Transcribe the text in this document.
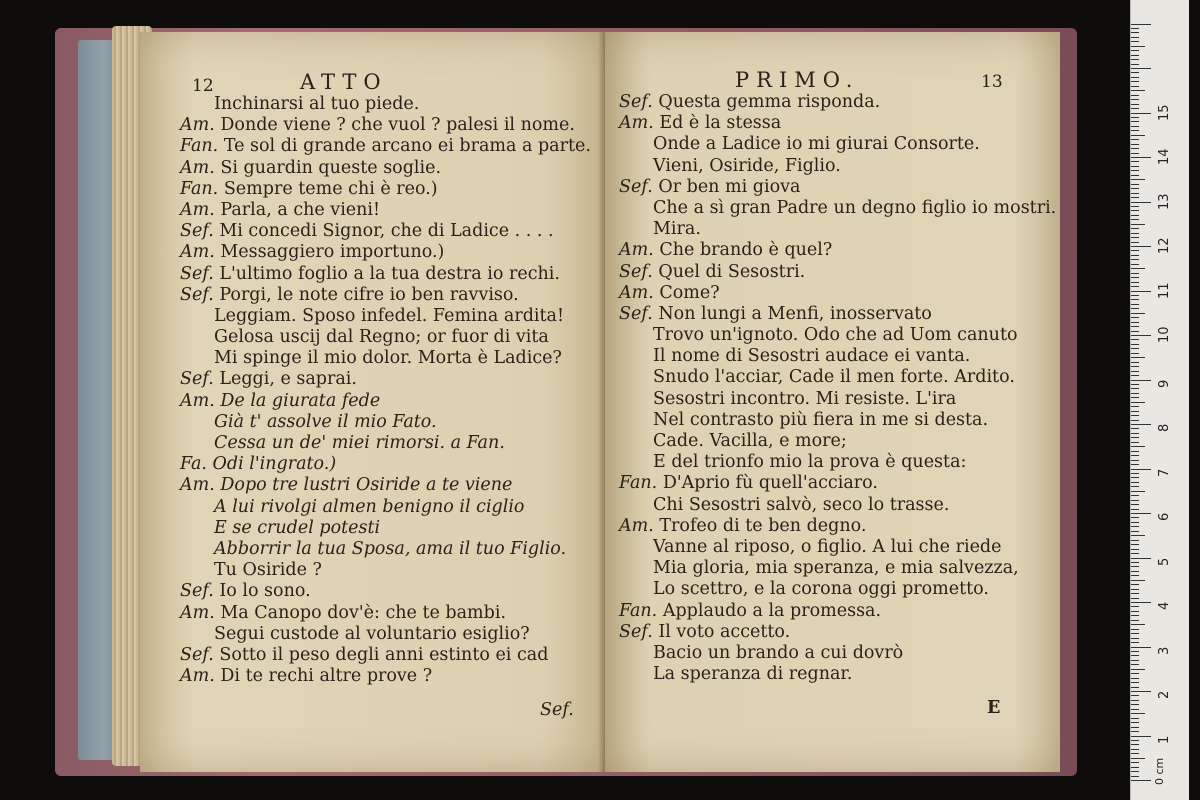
12	ATTO
Inchinarsi al tuo piede.
Am. Donde viene ? che vuol ? palesi il nome.
Fan. Te sol di grande arcano ei brama a parte.
Am. Si guardin queste soglie.
Fan. Sempre teme chi è reo.)
Am. Parla, a che vieni!
Sef. Mi concedi Signor, che di Ladice . . . .
Am. Messaggiero importuno.)
Sef. L'ultimo foglio a la tua destra io rechi.
Sef. Porgi, le note cifre io ben ravviso.
Leggiam. Sposo infedel. Femina ardita!
Gelosa uscij dal Regno; or fuor di vita
Mi spinge il mio dolor. Morta è Ladice?
Sef. Leggi, e saprai.
Am. De la giurata fede
Già t' assolve il mio Fato.
Cessa un de' miei rimorsi. a Fan.
Fa. Odi l'ingrato.)
Am. Dopo tre lustri Osiride a te viene
A lui rivolgi almen benigno il ciglio
E se crudel potesti
Abborrir la tua Sposa, ama il tuo Figlio.
Tu Osiride ?
Sef. Io lo sono.
Am. Ma Canopo dov'è: che te bambi.
Segui custode al voluntario esiglio?
Sef. Sotto il peso degli anni estinto ei cad
Am. Di te rechi altre prove ?
Sef.
PRIMO.	13
Sef. Questa gemma risponda.
Am. Ed è la stessa
Onde a Ladice io mi giurai Consorte.
Vieni, Osiride, Figlio.
Sef. Or ben mi giova
Che a sì gran Padre un degno figlio io mostri.
Mira.
Am. Che brando è quel?
Sef. Quel di Sesostri.
Am. Come?
Sef. Non lungi a Menfi, inosservato
Trovo un'ignoto. Odo che ad Uom canuto
Il nome di Sesostri audace ei vanta.
Snudo l'acciar, Cade il men forte. Ardito.
Sesostri incontro. Mi resiste. L'ira
Nel contrasto più fiera in me si desta.
Cade. Vacilla, e more;
E del trionfo mio la prova è questa:
Fan. D'Aprio fù quell'acciaro.
Chi Sesostri salvò, seco lo trasse.
Am. Trofeo di te ben degno.
Vanne al riposo, o figlio. A lui che riede
Mia gloria, mia speranza, e mia salvezza,
Lo scettro, e la corona oggi prometto.
Fan. Applaudo a la promessa.
Sef. Il voto accetto.
Bacio un brando a cui dovrò
La speranza di regnar.
E
0 cm
1
2
3
4
5
6
7
8
9
10
11
12
13
14
15
